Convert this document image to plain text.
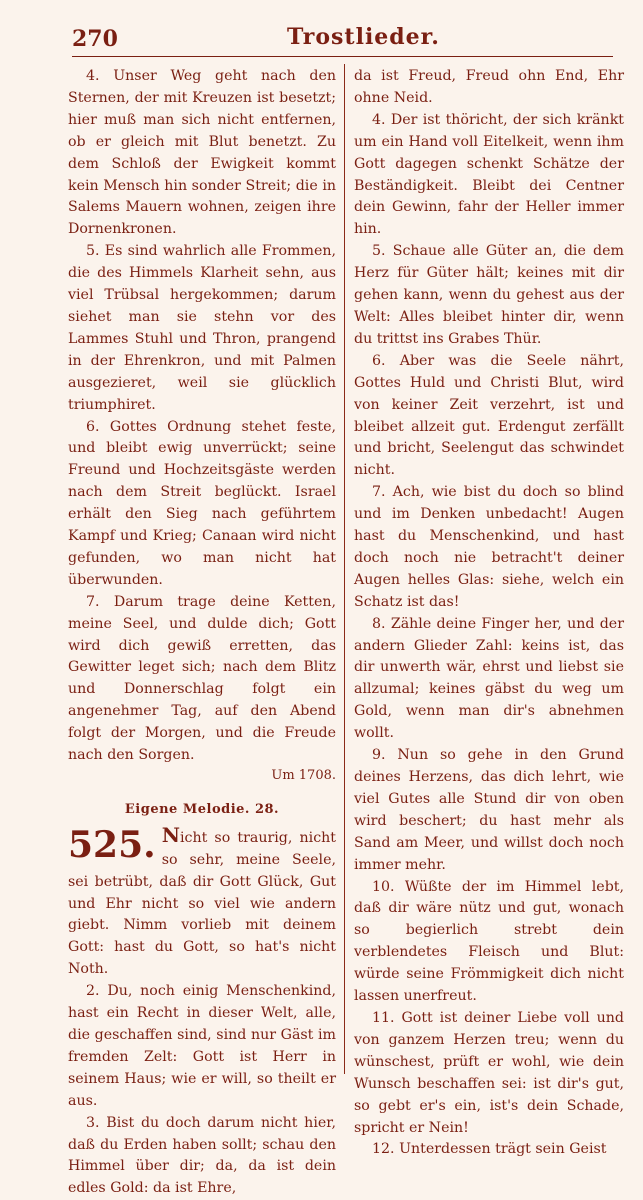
270	Trostlieder.

4. Unser Weg geht nach den Sternen, der mit Kreuzen ist besetzt; hier muß man sich nicht entfernen, ob er gleich mit Blut benetzt. Zu dem Schloß der Ewigkeit kommt kein Mensch hin sonder Streit; die in Salems Mauern wohnen, zeigen ihre Dornenkronen.

5. Es sind wahrlich alle Frommen, die des Himmels Klarheit sehn, aus viel Trübsal hergekommen; darum siehet man sie stehn vor des Lammes Stuhl und Thron, prangend in der Ehrenkron, und mit Palmen ausgezieret, weil sie glücklich triumphiret.

6. Gottes Ordnung stehet feste, und bleibt ewig unverrückt; seine Freund und Hochzeitsgäste werden nach dem Streit beglückt. Israel erhält den Sieg nach geführtem Kampf und Krieg; Canaan wird nicht gefunden, wo man nicht hat überwunden.

7. Darum trage deine Ketten, meine Seel, und dulde dich; Gott wird dich gewiß erretten, das Gewitter leget sich; nach dem Blitz und Donnerschlag folgt ein angenehmer Tag, auf den Abend folgt der Morgen, und die Freude nach den Sorgen.

Um 1708.
Eigene Melodie. 28.

525. Nicht so traurig, nicht so sehr, meine Seele, sei betrübt, daß dir Gott Glück, Gut und Ehr nicht so viel wie andern giebt. Nimm vorlieb mit deinem Gott: hast du Gott, so hat's nicht Noth.

2. Du, noch einig Menschenkind, hast ein Recht in dieser Welt, alle, die geschaffen sind, sind nur Gäst im fremden Zelt: Gott ist Herr in seinem Haus; wie er will, so theilt er aus.

3. Bist du doch darum nicht hier, daß du Erden haben sollt; schau den Himmel über dir; da, da ist dein edles Gold: da ist Ehre,

da ist Freud, Freud ohn End, Ehr ohne Neid.

4. Der ist thöricht, der sich kränkt um ein Hand voll Eitelkeit, wenn ihm Gott dagegen schenkt Schätze der Beständigkeit. Bleibt dei Centner dein Gewinn, fahr der Heller immer hin.

5. Schaue alle Güter an, die dem Herz für Güter hält; keines mit dir gehen kann, wenn du gehest aus der Welt: Alles bleibet hinter dir, wenn du trittst ins Grabes Thür.

6. Aber was die Seele nährt, Gottes Huld und Christi Blut, wird von keiner Zeit verzehrt, ist und bleibet allzeit gut. Erdengut zerfällt und bricht, Seelengut das schwindet nicht.

7. Ach, wie bist du doch so blind und im Denken unbedacht! Augen hast du Menschenkind, und hast doch noch nie betracht't deiner Augen helles Glas: siehe, welch ein Schatz ist das!

8. Zähle deine Finger her, und der andern Glieder Zahl: keins ist, das dir unwerth wär, ehrst und liebst sie allzumal; keines gäbst du weg um Gold, wenn man dir's abnehmen wollt.

9. Nun so gehe in den Grund deines Herzens, das dich lehrt, wie viel Gutes alle Stund dir von oben wird beschert; du hast mehr als Sand am Meer, und willst doch noch immer mehr.

10. Wüßte der im Himmel lebt, daß dir wäre nütz und gut, wonach so begierlich strebt dein verblendetes Fleisch und Blut: würde seine Frömmigkeit dich nicht lassen unerfreut.

11. Gott ist deiner Liebe voll und von ganzem Herzen treu; wenn du wünschest, prüft er wohl, wie dein Wunsch beschaffen sei: ist dir's gut, so gebt er's ein, ist's dein Schade, spricht er Nein!

12. Unterdessen trägt sein Geist
